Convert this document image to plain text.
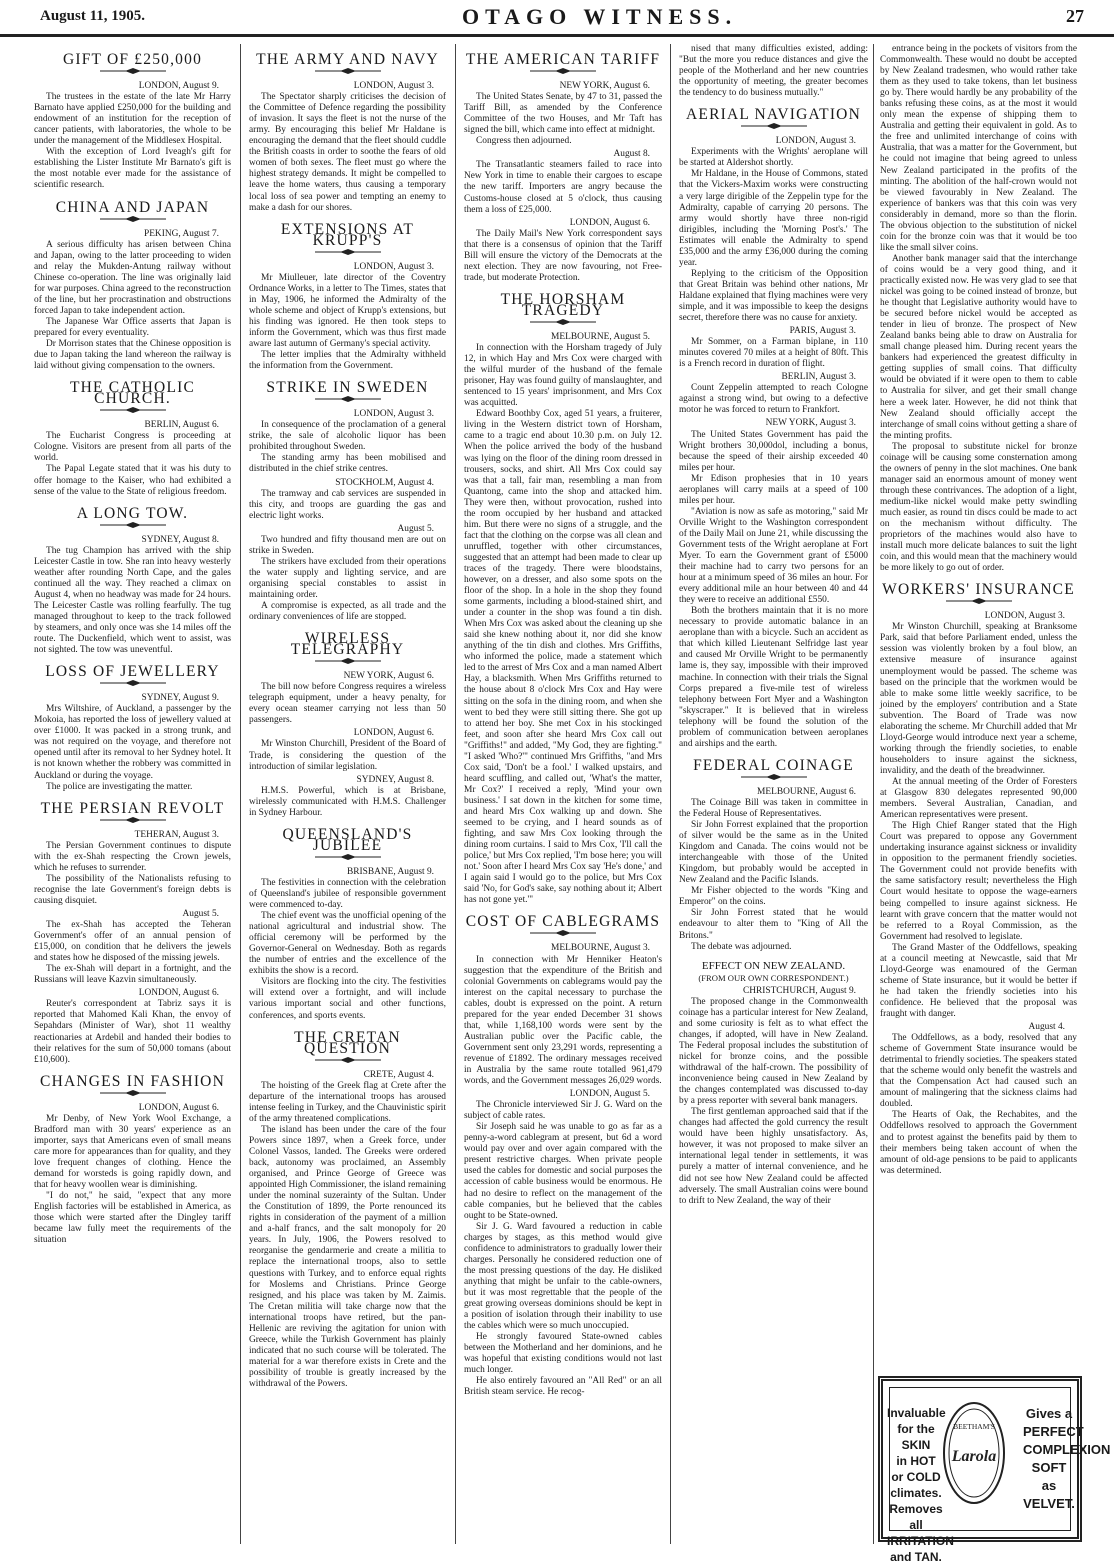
August 11, 1905.	OTAGO WITNESS.	27
GIFT OF £250,000
LONDON, August 9.

The trustees in the estate of the late Mr Harry Barnato have applied £250,000 for the building and endowment of an institution for the reception of cancer patients, with laboratories, the whole to be under the management of the Middlesex Hospital.

With the exception of Lord Iveagh's gift for establishing the Lister Institute Mr Barnato's gift is the most notable ever made for the assistance of scientific research.

CHINA AND JAPAN
PEKING, August 7.

A serious difficulty has arisen between China and Japan, owing to the latter proceeding to widen and relay the Mukden-Antung railway without Chinese co-operation. The line was originally laid for war purposes. China agreed to the reconstruction of the line, but her procrastination and obstructions forced Japan to take independent action.

The Japanese War Office asserts that Japan is prepared for every eventuality.

Dr Morrison states that the Chinese opposition is due to Japan taking the land whereon the railway is laid without giving compensation to the owners.

THE CATHOLIC CHURCH.
BERLIN, August 6.

The Eucharist Congress is proceeding at Cologne. Visitors are present from all parts of the world.

The Papal Legate stated that it was his duty to offer homage to the Kaiser, who had exhibited a sense of the value to the State of religious freedom.

A LONG TOW.
SYDNEY, August 8.

The tug Champion has arrived with the ship Leicester Castle in tow. She ran into heavy westerly weather after rounding North Cape, and the gales continued all the way. They reached a climax on August 4, when no headway was made for 24 hours. The Leicester Castle was rolling fearfully. The tug managed throughout to keep to the track followed by steamers, and only once was she 14 miles off the route. The Duckenfield, which went to assist, was not sighted. The tow was uneventful.

LOSS OF JEWELLERY
SYDNEY, August 9.

Mrs Wiltshire, of Auckland, a passenger by the Mokoia, has reported the loss of jewellery valued at over £1000. It was packed in a strong trunk, and was not required on the voyage, and therefore not opened until after its removal to her Sydney hotel. It is not known whether the robbery was committed in Auckland or during the voyage.

The police are investigating the matter.

THE PERSIAN REVOLT
TEHERAN, August 3.

The Persian Government continues to dispute with the ex-Shah respecting the Crown jewels, which he refuses to surrender.

The possibility of the Nationalists refusing to recognise the late Government's foreign debts is causing disquiet.

August 5.

The ex-Shah has accepted the Teheran Government's offer of an annual pension of £15,000, on condition that he delivers the jewels and states how he disposed of the missing jewels.

The ex-Shah will depart in a fortnight, and the Russians will leave Kazvin simultaneously.

LONDON, August 6.

Reuter's correspondent at Tabriz says it is reported that Mahomed Kali Khan, the envoy of Sepahdars (Minister of War), shot 11 wealthy reactionaries at Ardebil and handed their bodies to their relatives for the sum of 50,000 tomans (about £10,600).

CHANGES IN FASHION
LONDON, August 6.

Mr Denby, of New York Wool Exchange, a Bradford man with 30 years' experience as an importer, says that Americans even of small means care more for appearances than for quality, and they love frequent changes of clothing. Hence the demand for worsteds is going rapidly down, and that for heavy woollen wear is diminishing.

"I do not," he said, "expect that any more English factories will be established in America, as those which were started after the Dingley tariff became law fully meet the requirements of the situation

THE ARMY AND NAVY
LONDON, August 3.

The Spectator sharply criticises the decision of the Committee of Defence regarding the possibility of invasion. It says the fleet is not the nurse of the army. By encouraging this belief Mr Haldane is encouraging the demand that the fleet should cuddle the British coasts in order to soothe the fears of old women of both sexes. The fleet must go where the highest strategy demands. It might be compelled to leave the home waters, thus causing a temporary local loss of sea power and tempting an enemy to make a dash for our shores.

EXTENSIONS AT KRUPP'S
LONDON, August 3.

Mr Miulleuer, late director of the Coventry Ordnance Works, in a letter to The Times, states that in May, 1906, he informed the Admiralty of the whole scheme and object of Krupp's extensions, but his finding was ignored. He then took steps to inform the Government, which was thus first made aware last autumn of Germany's special activity.

The letter implies that the Admiralty withheld the information from the Government.

STRIKE IN SWEDEN
LONDON, August 3.

In consequence of the proclamation of a general strike, the sale of alcoholic liquor has been prohibited throughout Sweden.

The standing army has been mobilised and distributed in the chief strike centres.

STOCKHOLM, August 4.

The tramway and cab services are suspended in this city, and troops are guarding the gas and electric light works.

August 5.

Two hundred and fifty thousand men are out on strike in Sweden.

The strikers have excluded from their operations the water supply and lighting service, and are organising special constables to assist in maintaining order.

A compromise is expected, as all trade and the ordinary conveniences of life are stopped.

WIRELESS TELEGRAPHY
NEW YORK, August 6.

The bill now before Congress requires a wireless telegraph equipment, under a heavy penalty, for every ocean steamer carrying not less than 50 passengers.

LONDON, August 6.

Mr Winston Churchill, President of the Board of Trade, is considering the question of the introduction of similar legislation.

SYDNEY, August 8.

H.M.S. Powerful, which is at Brisbane, wirelessly communicated with H.M.S. Challenger in Sydney Harbour.

QUEENSLAND'S JUBILEE
BRISBANE, August 9.

The festivities in connection with the celebration of Queensland's jubilee of responsible government were commenced to-day.

The chief event was the unofficial opening of the national agricultural and industrial show. The official ceremony will be performed by the Governor-General on Wednesday. Both as regards the number of entries and the excellence of the exhibits the show is a record.

Visitors are flocking into the city. The festivities will extend over a fortnight, and will include various important social and other functions, conferences, and sports events.

THE CRETAN QUESTION
CRETE, August 4.

The hoisting of the Greek flag at Crete after the departure of the international troops has aroused intense feeling in Turkey, and the Chauvinistic spirit of the army threatened complications.

The island has been under the care of the four Powers since 1897, when a Greek force, under Colonel Vassos, landed. The Greeks were ordered back, autonomy was proclaimed, an Assembly organised, and Prince George of Greece was appointed High Commissioner, the island remaining under the nominal suzerainty of the Sultan. Under the Constitution of 1899, the Porte renounced its rights in consideration of the payment of a million and a-half francs, and the salt monopoly for 20 years. In July, 1906, the Powers resolved to reorganise the gendarmerie and create a militia to replace the international troops, also to settle questions with Turkey, and to enforce equal rights for Moslems and Christians. Prince George resigned, and his place was taken by M. Zaimis. The Cretan militia will take charge now that the international troops have retired, but the pan-Hellenic are reviving the agitation for union with Greece, while the Turkish Government has plainly indicated that no such course will be tolerated. The material for a war therefore exists in Crete and the possibility of trouble is greatly increased by the withdrawal of the Powers.

THE AMERICAN TARIFF
NEW YORK, August 6.

The United States Senate, by 47 to 31, passed the Tariff Bill, as amended by the Conference Committee of the two Houses, and Mr Taft has signed the bill, which came into effect at midnight.

Congress then adjourned.

August 8.

The Transatlantic steamers failed to race into New York in time to enable their cargoes to escape the new tariff. Importers are angry because the Customs-house closed at 5 o'clock, thus causing them a loss of £25,000.

LONDON, August 6.

The Daily Mail's New York correspondent says that there is a consensus of opinion that the Tariff Bill will ensure the victory of the Democrats at the next election. They are now favouring, not Free-trade, but moderate Protection.

THE HORSHAM TRAGEDY
MELBOURNE, August 5.

In connection with the Horsham tragedy of July 12, in which Hay and Mrs Cox were charged with the wilful murder of the husband of the female prisoner, Hay was found guilty of manslaughter, and sentenced to 15 years' imprisonment, and Mrs Cox was acquitted.

Edward Boothby Cox, aged 51 years, a fruiterer, living in the Western district town of Horsham, came to a tragic end about 10.30 p.m. on July 12. When the police arrived the body of the husband was lying on the floor of the dining room dressed in trousers, socks, and shirt. All Mrs Cox could say was that a tall, fair man, resembling a man from Quantong, came into the shop and attacked him. They were then, without provocation, rushed into the room occupied by her husband and attacked him. But there were no signs of a struggle, and the fact that the clothing on the corpse was all clean and unruffled, together with other circumstances, suggested that an attempt had been made to clear up traces of the tragedy. There were bloodstains, however, on a dresser, and also some spots on the floor of the shop. In a hole in the shop they found some garments, including a blood-stained shirt, and under a counter in the shop was found a tin dish. When Mrs Cox was asked about the cleaning up she said she knew nothing about it, nor did she know anything of the tin dish and clothes. Mrs Griffiths, who informed the police, made a statement which led to the arrest of Mrs Cox and a man named Albert Hay, a blacksmith. When Mrs Griffiths returned to the house about 8 o'clock Mrs Cox and Hay were sitting on the sofa in the dining room, and when she went to bed they were still sitting there. She got up to attend her boy. She met Cox in his stockinged feet, and soon after she heard Mrs Cox call out "Griffiths!" and added, "My God, they are fighting." "I asked 'Who?'" continued Mrs Griffiths, "and Mrs Cox said, 'Don't be a fool.' I walked upstairs, and heard scuffling, and called out, 'What's the matter, Mr Cox?' I received a reply, 'Mind your own business.' I sat down in the kitchen for some time, and heard Mrs Cox walking up and down. She seemed to be crying, and I heard sounds as of fighting, and saw Mrs Cox looking through the dining room curtains. I said to Mrs Cox, 'I'll call the police,' but Mrs Cox replied, 'I'm bose here; you will not.' Soon after I heard Mrs Cox say 'He's done,' and I again said I would go to the police, but Mrs Cox said 'No, for God's sake, say nothing about it; Albert has not gone yet.'"

COST OF CABLEGRAMS
MELBOURNE, August 3.

In connection with Mr Henniker Heaton's suggestion that the expenditure of the British and colonial Governments on cablegrams would pay the interest on the capital necessary to purchase the cables, doubt is expressed on the point. A return prepared for the year ended December 31 shows that, while 1,168,100 words were sent by the Australian public over the Pacific cable, the Government sent only 23,291 words, representing a revenue of £1892. The ordinary messages received in Australia by the same route totalled 961,479 words, and the Government messages 26,029 words.

LONDON, August 5.

The Chronicle interviewed Sir J. G. Ward on the subject of cable rates.

Sir Joseph said he was unable to go as far as a penny-a-word cablegram at present, but 6d a word would pay over and over again compared with the present restrictive charges. When private people used the cables for domestic and social purposes the accession of cable business would be enormous. He had no desire to reflect on the management of the cable companies, but he believed that the cables ought to be State-owned.

Sir J. G. Ward favoured a reduction in cable charges by stages, as this method would give confidence to administrators to gradually lower their charges. Personally he considered reduction one of the most pressing questions of the day. He disliked anything that might be unfair to the cable-owners, but it was most regrettable that the people of the great growing overseas dominions should be kept in a position of isolation through their inability to use the cables which were so much unoccupied.

He strongly favoured State-owned cables between the Motherland and her dominions, and he was hopeful that existing conditions would not last much longer.

He also entirely favoured an "All Red" or an all British steam service. He recog-

nised that many difficulties existed, adding: "But the more you reduce distances and give the people of the Motherland and her new countries the opportunity of meeting, the greater becomes the tendency to do business mutually."

AERIAL NAVIGATION
LONDON, August 3.

Experiments with the Wrights' aeroplane will be started at Aldershot shortly.

Mr Haldane, in the House of Commons, stated that the Vickers-Maxim works were constructing a very large dirigible of the Zeppelin type for the Admiralty, capable of carrying 20 persons. The army would shortly have three non-rigid dirigibles, including the 'Morning Post's.' The Estimates will enable the Admiralty to spend £35,000 and the army £36,000 during the coming year.

Replying to the criticism of the Opposition that Great Britain was behind other nations, Mr Haldane explained that flying machines were very simple, and it was impossible to keep the designs secret, therefore there was no cause for anxiety.

PARIS, August 3.

Mr Sommer, on a Farman biplane, in 110 minutes covered 70 miles at a height of 80ft. This is a French record in duration of flight.

BERLIN, August 3.

Count Zeppelin attempted to reach Cologne against a strong wind, but owing to a defective motor he was forced to return to Frankfort.

NEW YORK, August 3.

The United States Government has paid the Wright brothers 30,000dol, including a bonus, because the speed of their airship exceeded 40 miles per hour.

Mr Edison prophesies that in 10 years aeroplanes will carry mails at a speed of 100 miles per hour.

"Aviation is now as safe as motoring," said Mr Orville Wright to the Washington correspondent of the Daily Mail on June 21, while discussing the Government tests of the Wright aeroplane at Fort Myer. To earn the Government grant of £5000 their machine had to carry two persons for an hour at a minimum speed of 36 miles an hour. For every additional mile an hour between 40 and 44 they were to receive an additional £550.

Both the brothers maintain that it is no more necessary to provide automatic balance in an aeroplane than with a bicycle. Such an accident as that which killed Lieutenant Selfridge last year and caused Mr Orville Wright to be permanently lame is, they say, impossible with their improved machine. In connection with their trials the Signal Corps prepared a five-mile test of wireless telephony between Fort Myer and a Washington "skyscraper." It is believed that in wireless telephony will be found the solution of the problem of communication between aeroplanes and airships and the earth.

FEDERAL COINAGE
MELBOURNE, August 6.

The Coinage Bill was taken in committee in the Federal House of Representatives.

Sir John Forrest explained that the proportion of silver would be the same as in the United Kingdom and Canada. The coins would not be interchangeable with those of the United Kingdom, but probably would be accepted in New Zealand and the Pacific Islands.

Mr Fisher objected to the words "King and Emperor" on the coins.

Sir John Forrest stated that he would endeavour to alter them to "King of All the Britons."

The debate was adjourned.

EFFECT ON NEW ZEALAND.
(FROM OUR OWN CORRESPONDENT.)
CHRISTCHURCH, August 9.

The proposed change in the Commonwealth coinage has a particular interest for New Zealand, and some curiosity is felt as to what effect the changes, if adopted, will have in New Zealand. The Federal proposal includes the substitution of nickel for bronze coins, and the possible withdrawal of the half-crown. The possibility of inconvenience being caused in New Zealand by the changes contemplated was discussed to-day by a press reporter with several bank managers.

The first gentleman approached said that if the changes had affected the gold currency the result would have been highly unsatisfactory. As, however, it was not proposed to make silver an international legal tender in settlements, it was purely a matter of internal convenience, and he did not see how New Zealand could be affected adversely. The small Australian coins were bound to drift to New Zealand, the way of their

entrance being in the pockets of visitors from the Commonwealth. These would no doubt be accepted by New Zealand tradesmen, who would rather take them as they used to take tokens, than let business go by. There would hardly be any probability of the banks refusing these coins, as at the most it would only mean the expense of shipping them to Australia and getting their equivalent in gold. As to the free and unlimited interchange of coins with Australia, that was a matter for the Government, but he could not imagine that being agreed to unless New Zealand participated in the profits of the minting. The abolition of the half-crown would not be viewed favourably in New Zealand. The experience of bankers was that this coin was very considerably in demand, more so than the florin. The obvious objection to the substitution of nickel coin for the bronze coin was that it would be too like the small silver coins.

Another bank manager said that the interchange of coins would be a very good thing, and it practically existed now. He was very glad to see that nickel was going to be coined instead of bronze, but he thought that Legislative authority would have to be secured before nickel would be accepted as tender in lieu of bronze. The prospect of New Zealand banks being able to draw on Australia for small change pleased him. During recent years the bankers had experienced the greatest difficulty in getting supplies of small coins. That difficulty would be obviated if it were open to them to cable to Australia for silver, and get their small change here a week later. However, he did not think that New Zealand should officially accept the interchange of small coins without getting a share of the minting profits.

The proposal to substitute nickel for bronze coinage will be causing some consternation among the owners of penny in the slot machines. One bank manager said an enormous amount of money went through these contrivances. The adoption of a light, medium-like nickel would make petty swindling much easier, as round tin discs could be made to act on the mechanism without difficulty. The proprietors of the machines would also have to install much more delicate balances to suit the light coin, and this would mean that the machinery would be more likely to go out of order.

WORKERS' INSURANCE
LONDON, August 3.

Mr Winston Churchill, speaking at Branksome Park, said that before Parliament ended, unless the session was violently broken by a foul blow, an extensive measure of insurance against unemployment would be passed. The scheme was based on the principle that the workmen would be able to make some little weekly sacrifice, to be joined by the employers' contribution and a State subvention. The Board of Trade was now elaborating the scheme. Mr Churchill added that Mr Lloyd-George would introduce next year a scheme, working through the friendly societies, to enable householders to insure against the sickness, invalidity, and the death of the breadwinner.

At the annual meeting of the Order of Foresters at Glasgow 830 delegates represented 90,000 members. Several Australian, Canadian, and American representatives were present.

The High Chief Ranger stated that the High Court was prepared to oppose any Government undertaking insurance against sickness or invalidity in opposition to the permanent friendly societies. The Government could not provide benefits with the same satisfactory result; nevertheless the High Court would hesitate to oppose the wage-earners being compelled to insure against sickness. He learnt with grave concern that the matter would not be referred to a Royal Commission, as the Government had resolved to legislate.

The Grand Master of the Oddfellows, speaking at a council meeting at Newcastle, said that Mr Lloyd-George was enamoured of the German scheme of State insurance, but it would be better if he had taken the friendly societies into his confidence. He believed that the proposal was fraught with danger.

August 4.

The Oddfellows, as a body, resolved that any scheme of Government State insurance would be detrimental to friendly societies. The speakers stated that the scheme would only benefit the wastrels and that the Compensation Act had caused such an amount of malingering that the sickness claims had doubled.

The Hearts of Oak, the Rechabites, and the Oddfellows resolved to approach the Government and to protest against the benefits paid by them to their members being taken account of when the amount of old-age pensions to be paid to applicants was determined.

Invaluable
for the SKIN
in HOT
or COLD
climates.
Removes all
IRRITATION
and TAN.
BEETHAM'S
Larola
Gives a
PERFECT
COMPLEXION
SOFT
as
VELVET.
